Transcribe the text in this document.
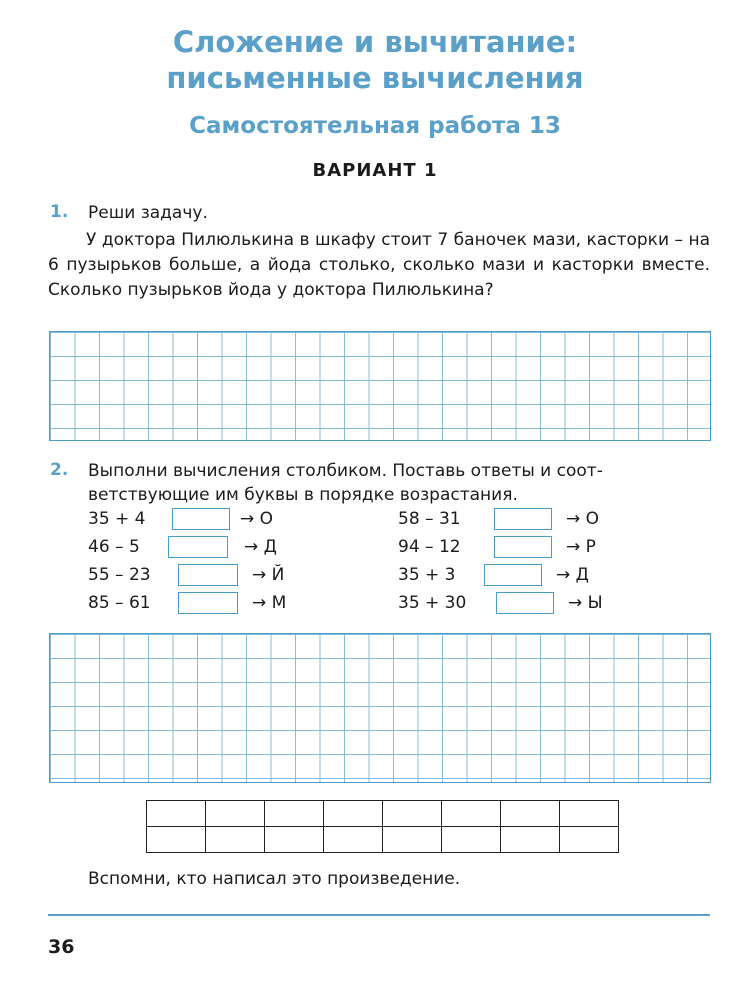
Сложение и вычитание:
письменные вычисления
Самостоятельная работа 13
ВАРИАНТ 1
1. Реши задачу.
У доктора Пилюлькина в шкафу стоит 7 баночек мази, касторки – на 6 пузырьков больше, а йода столько, сколько мази и касторки вместе. Сколько пузырьков йода у доктора Пилюлькина?
2. Выполни вычисления столбиком. Поставь ответы и соот-
ветствующие им буквы в порядке возрастания.
35 + 4	→ О
46 – 5	→ Д
55 – 23	→ Й
85 – 61	→ М
58 – 31	→ О
94 – 12	→ Р
35 + 3	→ Д
35 + 30	→ Ы

Вспомни, кто написал это произведение.
36
